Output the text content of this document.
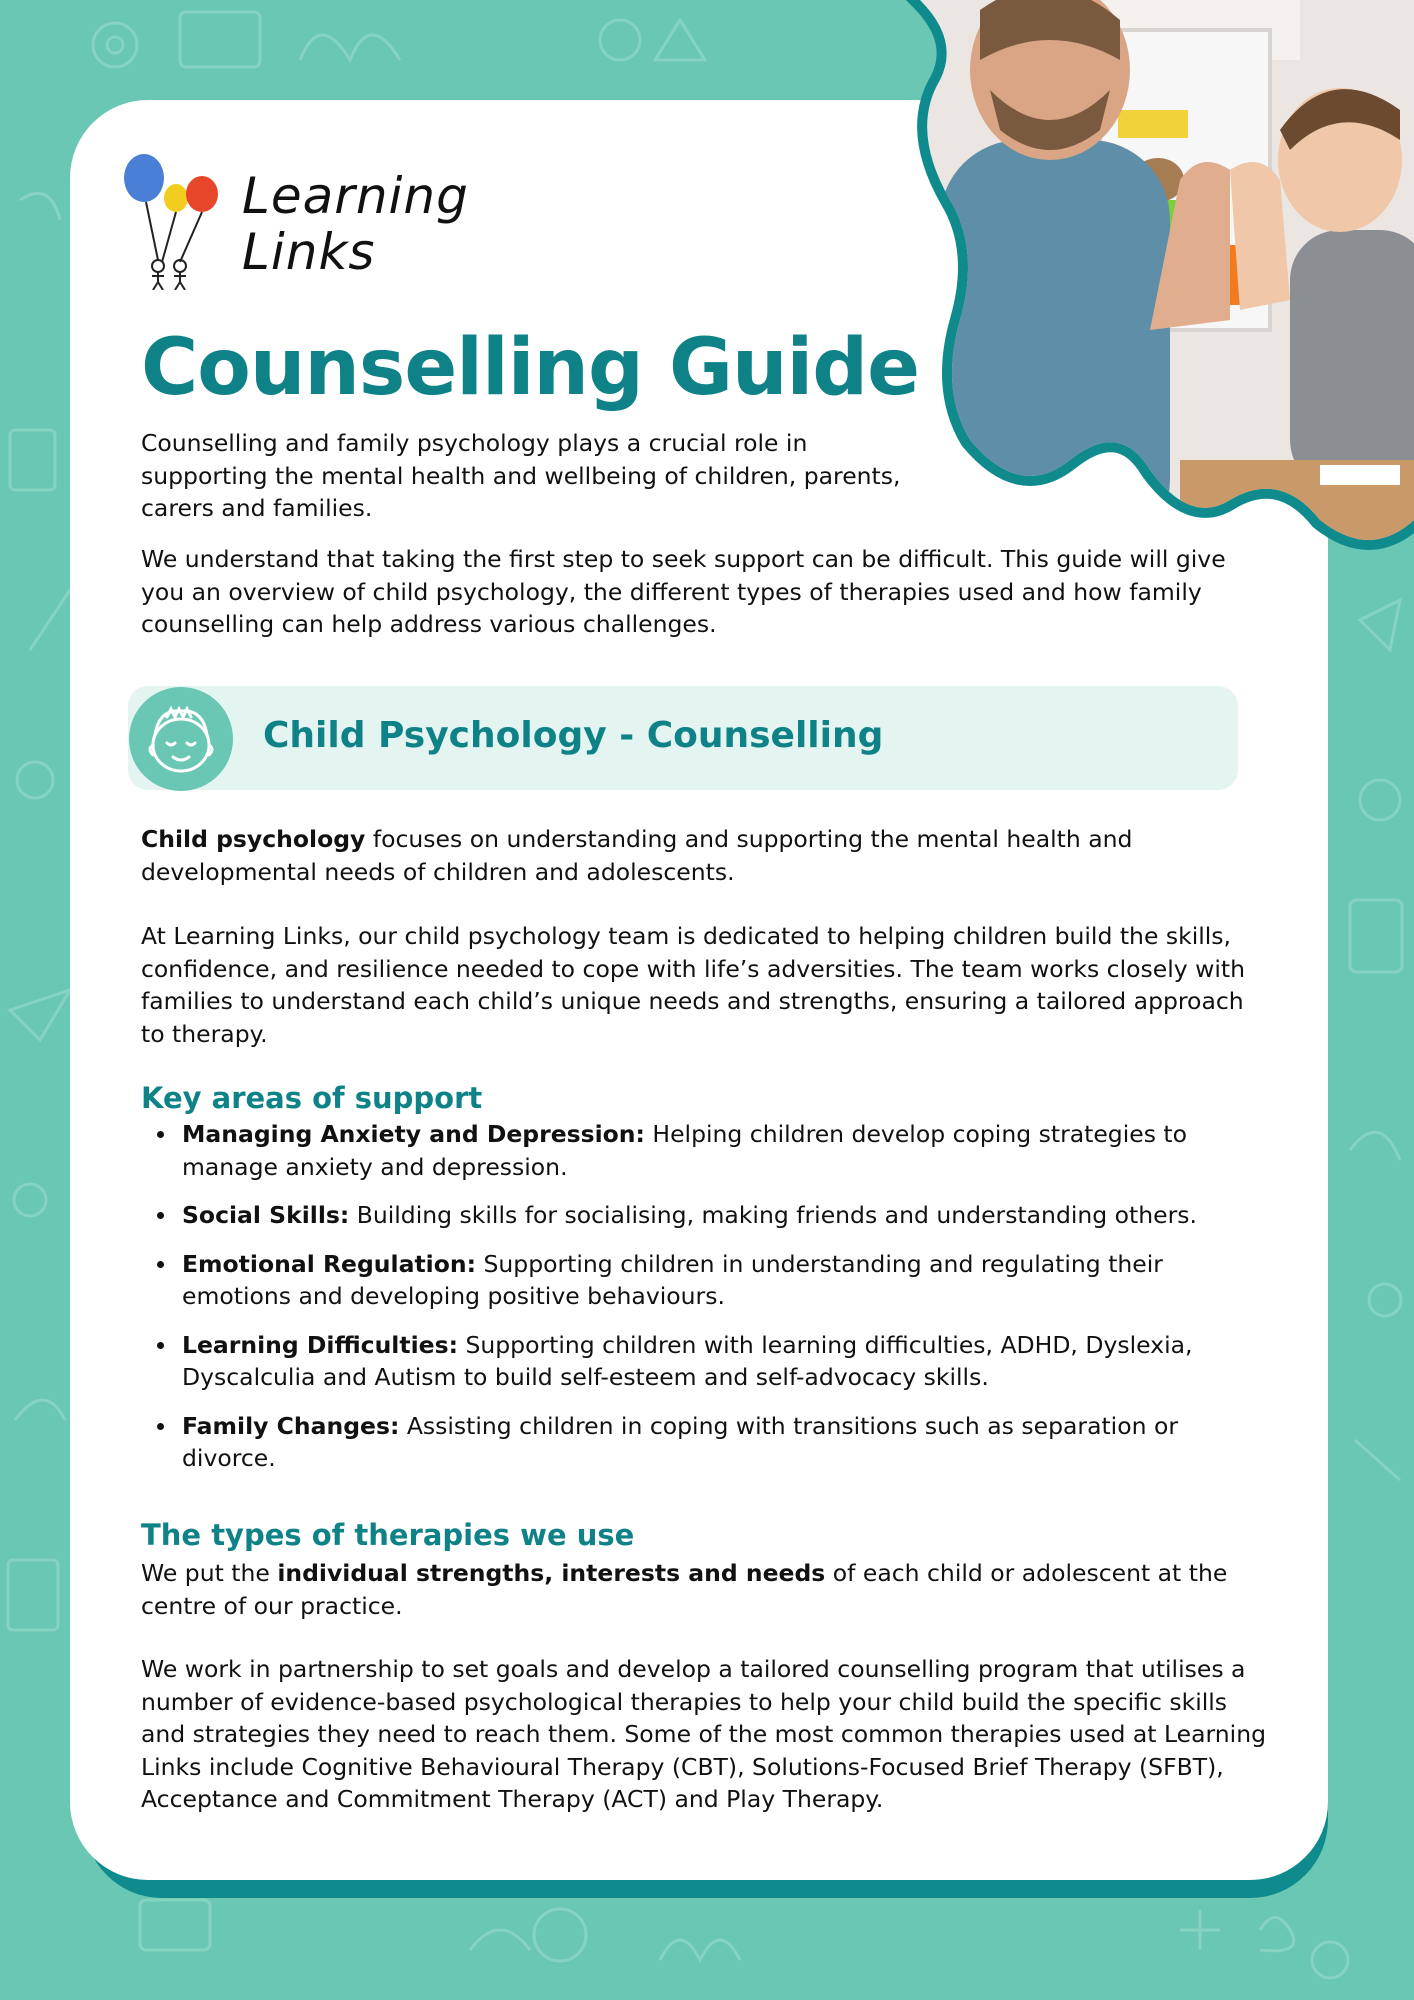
Learning
Links
Counselling Guide

Counselling and family psychology plays a crucial role in supporting the mental health and wellbeing of children, parents, carers and families.

We understand that taking the first step to seek support can be difficult. This guide will give you an overview of child psychology, the different types of therapies used and how family counselling can help address various challenges.

Child Psychology - Counselling

Child psychology focuses on understanding and supporting the mental health and developmental needs of children and adolescents.

At Learning Links, our child psychology team is dedicated to helping children build the skills, confidence, and resilience needed to cope with life’s adversities. The team works closely with families to understand each child’s unique needs and strengths, ensuring a tailored approach to therapy.

Key areas of support
Managing Anxiety and Depression: Helping children develop coping strategies to manage anxiety and depression.
Social Skills: Building skills for socialising, making friends and understanding others.
Emotional Regulation: Supporting children in understanding and regulating their emotions and developing positive behaviours.
Learning Difficulties: Supporting children with learning difficulties, ADHD, Dyslexia, Dyscalculia and Autism to build self-esteem and self-advocacy skills.
Family Changes: Assisting children in coping with transitions such as separation or divorce.
The types of therapies we use

We put the individual strengths, interests and needs of each child or adolescent at the centre of our practice.

We work in partnership to set goals and develop a tailored counselling program that utilises a number of evidence-based psychological therapies to help your child build the specific skills and strategies they need to reach them. Some of the most common therapies used at Learning Links include Cognitive Behavioural Therapy (CBT), Solutions-Focused Brief Therapy (SFBT), Acceptance and Commitment Therapy (ACT) and Play Therapy.
